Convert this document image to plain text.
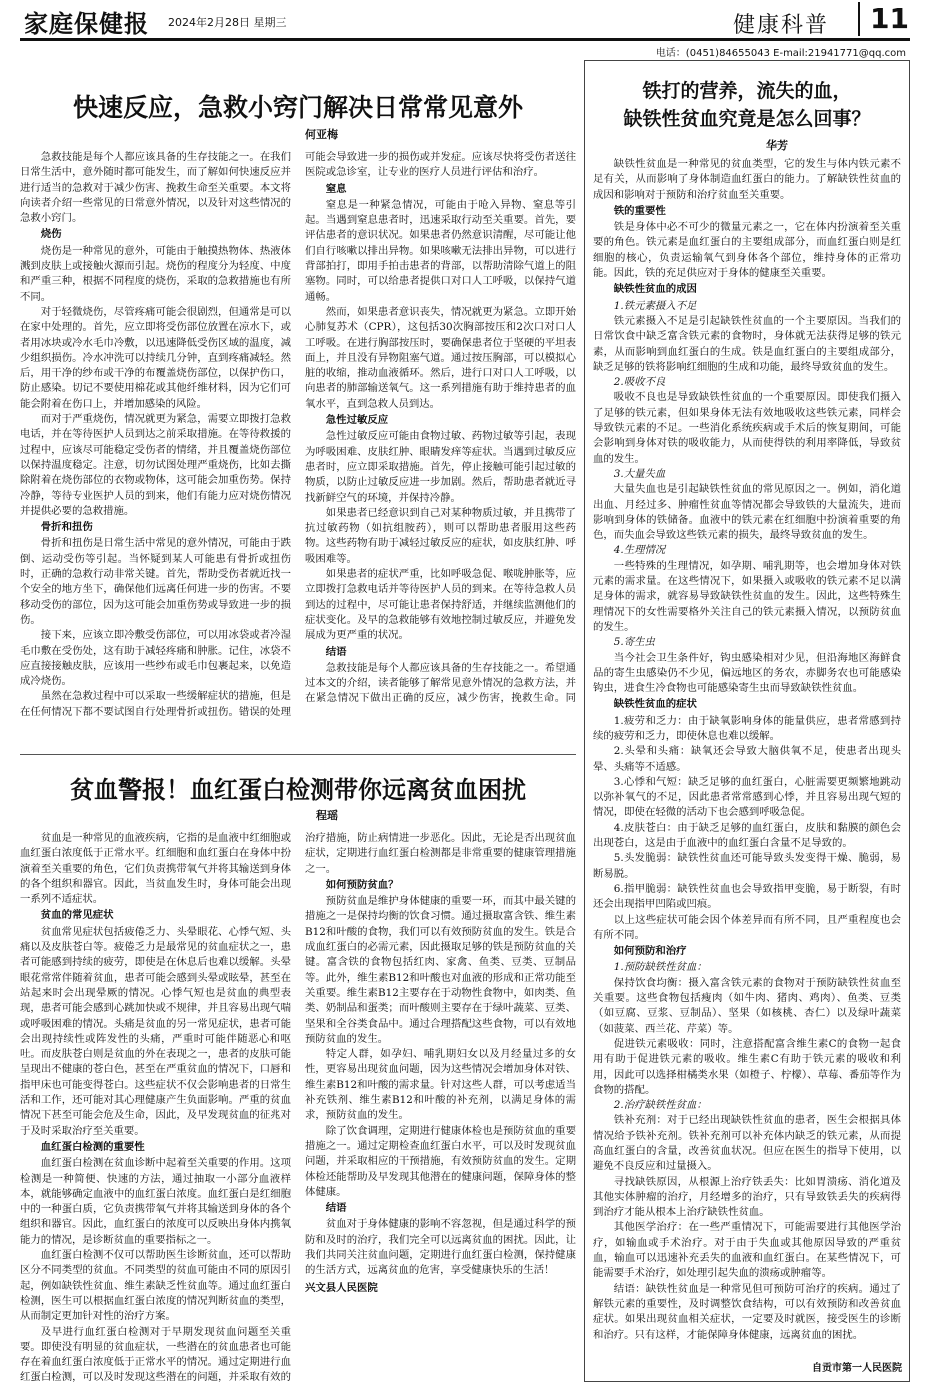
家庭保健报 2024年2月28日 星期三	健康科普	11
电话：(0451)84655043 E-mail:21941771@qq.com
快速反应，急救小窍门解决日常常见意外
何亚梅

急救技能是每个人都应该具备的生存技能之一。在我们日常生活中，意外随时都可能发生，而了解如何快速反应并进行适当的急救对于减少伤害、挽救生命至关重要。本文将向读者介绍一些常见的日常意外情况，以及针对这些情况的急救小窍门。

烧伤

烧伤是一种常见的意外，可能由于触摸热物体、热液体溅到皮肤上或接触火源而引起。烧伤的程度分为轻度、中度和严重三种，根据不同程度的烧伤，采取的急救措施也有所不同。

对于轻微烧伤，尽管疼痛可能会很剧烈，但通常是可以在家中处理的。首先，应立即将受伤部位放置在凉水下，或者用冰块或冷水毛巾冷敷，以迅速降低受伤区域的温度，减少组织损伤。冷水冲洗可以持续几分钟，直到疼痛减轻。然后，用干净的纱布或干净的布覆盖烧伤部位，以保护伤口，防止感染。切记不要使用棉花或其他纤维材料，因为它们可能会附着在伤口上，并增加感染的风险。

而对于严重烧伤，情况就更为紧急，需要立即拨打急救电话，并在等待医护人员到达之前采取措施。在等待救援的过程中，应该尽可能稳定受伤者的情绪，并且覆盖烧伤部位以保持温度稳定。注意，切勿试图处理严重烧伤，比如去撕除附着在烧伤部位的衣物或物体，这可能会加重伤势。保持冷静，等待专业医护人员的到来，他们有能力应对烧伤情况并提供必要的急救措施。

骨折和扭伤

骨折和扭伤是日常生活中常见的意外情况，可能由于跌倒、运动受伤等引起。当怀疑到某人可能患有骨折或扭伤时，正确的急救行动非常关键。首先，帮助受伤者就近找一个安全的地方坐下，确保他们远离任何进一步的伤害。不要移动受伤的部位，因为这可能会加重伤势或导致进一步的损伤。

接下来，应该立即冷敷受伤部位，可以用冰袋或者冷湿毛巾敷在受伤处，这有助于减轻疼痛和肿胀。记住，冰袋不应直接接触皮肤，应该用一些纱布或毛巾包裹起来，以免造成冷烧伤。

虽然在急救过程中可以采取一些缓解症状的措施，但是在任何情况下都不要试图自行处理骨折或扭伤。错误的处理可能会导致进一步的损伤或并发症。应该尽快将受伤者送往医院或急诊室，让专业的医疗人员进行评估和治疗。

窒息

窒息是一种紧急情况，可能由于呛入异物、窒息等引起。当遇到窒息患者时，迅速采取行动至关重要。首先，要评估患者的意识状况。如果患者仍然意识清醒，尽可能让他们自行咳嗽以排出异物。如果咳嗽无法排出异物，可以进行背部拍打，即用手拍击患者的背部，以帮助清除气道上的阻塞物。同时，可以给患者提供口对口人工呼吸，以保持气道通畅。

然而，如果患者意识丧失，情况就更为紧急。立即开始心肺复苏术（CPR），这包括30次胸部按压和2次口对口人工呼吸。在进行胸部按压时，要确保患者位于坚硬的平坦表面上，并且没有异物阻塞气道。通过按压胸部，可以模拟心脏的收缩，推动血液循环。然后，进行口对口人工呼吸，以向患者的肺部输送氧气。这一系列措施有助于维持患者的血氧水平，直到急救人员到达。

急性过敏反应

急性过敏反应可能由食物过敏、药物过敏等引起，表现为呼吸困难、皮肤红肿、眼睛发痒等症状。当遇到过敏反应患者时，应立即采取措施。首先，停止接触可能引起过敏的物质，以防止过敏反应进一步加剧。然后，帮助患者就近寻找新鲜空气的环境，并保持冷静。

如果患者已经意识到自己对某种物质过敏，并且携带了抗过敏药物（如抗组胺药），则可以帮助患者服用这些药物。这些药物有助于减轻过敏反应的症状，如皮肤红肿、呼吸困难等。

如果患者的症状严重，比如呼吸急促、喉咙肿胀等，应立即拨打急救电话并等待医护人员的到来。在等待急救人员到达的过程中，尽可能让患者保持舒适，并继续监测他们的症状变化。及早的急救能够有效地控制过敏反应，并避免发展成为更严重的状况。

结语

急救技能是每个人都应该具备的生存技能之一。希望通过本文的介绍，读者能够了解常见意外情况的急救方法，并在紧急情况下做出正确的反应，减少伤害，挽救生命。同

贫血警报！血红蛋白检测带你远离贫血困扰
程瑶

贫血是一种常见的血液疾病，它指的是血液中红细胞或血红蛋白浓度低于正常水平。红细胞和血红蛋白在身体中扮演着至关重要的角色，它们负责携带氧气并将其输送到身体的各个组织和器官。因此，当贫血发生时，身体可能会出现一系列不适症状。

贫血的常见症状

贫血常见症状包括疲倦乏力、头晕眼花、心悸气短、头痛以及皮肤苍白等。疲倦乏力是最常见的贫血症状之一，患者可能感到持续的疲劳，即使是在休息后也难以缓解。头晕眼花常常伴随着贫血，患者可能会感到头晕或眩晕，甚至在站起来时会出现晕厥的情况。心悸气短也是贫血的典型表现，患者可能会感到心跳加快或不规律，并且容易出现气喘或呼吸困难的情况。头痛是贫血的另一常见症状，患者可能会出现持续性或阵发性的头痛，严重时可能伴随恶心和呕吐。而皮肤苍白则是贫血的外在表现之一，患者的皮肤可能呈现出不健康的苍白色，甚至在严重贫血的情况下，口唇和指甲床也可能变得苍白。这些症状不仅会影响患者的日常生活和工作，还可能对其心理健康产生负面影响。严重的贫血情况下甚至可能会危及生命，因此，及早发现贫血的征兆对于及时采取治疗至关重要。

血红蛋白检测的重要性

血红蛋白检测在贫血诊断中起着至关重要的作用。这项检测是一种简便、快速的方法，通过抽取一小部分血液样本，就能够确定血液中的血红蛋白浓度。血红蛋白是红细胞中的一种蛋白质，它负责携带氧气并将其输送到身体的各个组织和器官。因此，血红蛋白的浓度可以反映出身体内携氧能力的情况，是诊断贫血的重要指标之一。

血红蛋白检测不仅可以帮助医生诊断贫血，还可以帮助区分不同类型的贫血。不同类型的贫血可能由不同的原因引起，例如缺铁性贫血、维生素缺乏性贫血等。通过血红蛋白检测，医生可以根据血红蛋白浓度的情况判断贫血的类型，从而制定更加针对性的治疗方案。

及早进行血红蛋白检测对于早期发现贫血问题至关重要。即使没有明显的贫血症状，一些潜在的贫血患者也可能存在着血红蛋白浓度低于正常水平的情况。通过定期进行血红蛋白检测，可以及时发现这些潜在的问题，并采取有效的治疗措施，防止病情进一步恶化。因此，无论是否出现贫血症状，定期进行血红蛋白检测都是非常重要的健康管理措施之一。

如何预防贫血？

预防贫血是维护身体健康的重要一环，而其中最关键的措施之一是保持均衡的饮食习惯。通过摄取富含铁、维生素B12和叶酸的食物，我们可以有效预防贫血的发生。铁是合成血红蛋白的必需元素，因此摄取足够的铁是预防贫血的关键。富含铁的食物包括红肉、家禽、鱼类、豆类、豆制品等。此外，维生素B12和叶酸也对血液的形成和正常功能至关重要。维生素B12主要存在于动物性食物中，如肉类、鱼类、奶制品和蛋类；而叶酸则主要存在于绿叶蔬菜、豆类、坚果和全谷类食品中。通过合理搭配这些食物，可以有效地预防贫血的发生。

特定人群，如孕妇、哺乳期妇女以及月经量过多的女性，更容易出现贫血问题，因为这些情况会增加身体对铁、维生素B12和叶酸的需求量。针对这些人群，可以考虑适当补充铁剂、维生素B12和叶酸的补充剂，以满足身体的需求，预防贫血的发生。

除了饮食调理，定期进行健康体检也是预防贫血的重要措施之一。通过定期检查血红蛋白水平，可以及时发现贫血问题，并采取相应的干预措施，有效预防贫血的发生。定期体检还能帮助及早发现其他潜在的健康问题，保障身体的整体健康。

结语

贫血对于身体健康的影响不容忽视，但是通过科学的预防和及时的治疗，我们完全可以远离贫血的困扰。因此，让我们共同关注贫血问题，定期进行血红蛋白检测，保持健康的生活方式，远离贫血的危害，享受健康快乐的生活！

兴文县人民医院

铁打的营养，流失的血，
缺铁性贫血究竟是怎么回事？
华芳

缺铁性贫血是一种常见的贫血类型，它的发生与体内铁元素不足有关，从而影响了身体制造血红蛋白的能力。了解缺铁性贫血的成因和影响对于预防和治疗贫血至关重要。

铁的重要性

铁是身体中必不可少的微量元素之一，它在体内扮演着至关重要的角色。铁元素是血红蛋白的主要组成部分，而血红蛋白则是红细胞的核心，负责运输氧气到身体各个部位，维持身体的正常功能。因此，铁的充足供应对于身体的健康至关重要。

缺铁性贫血的成因

1.铁元素摄入不足

铁元素摄入不足是引起缺铁性贫血的一个主要原因。当我们的日常饮食中缺乏富含铁元素的食物时，身体就无法获得足够的铁元素，从而影响到血红蛋白的生成。铁是血红蛋白的主要组成部分，缺乏足够的铁将影响红细胞的生成和功能，最终导致贫血的发生。

2.吸收不良

吸收不良也是导致缺铁性贫血的一个重要原因。即使我们摄入了足够的铁元素，但如果身体无法有效地吸收这些铁元素，同样会导致铁元素的不足。一些消化系统疾病或手术后的恢复期间，可能会影响到身体对铁的吸收能力，从而使得铁的利用率降低，导致贫血的发生。

3.大量失血

大量失血也是引起缺铁性贫血的常见原因之一。例如，消化道出血、月经过多、肿瘤性贫血等情况都会导致铁的大量流失，进而影响到身体的铁储备。血液中的铁元素在红细胞中扮演着重要的角色，而失血会导致这些铁元素的损失，最终导致贫血的发生。

4.生理情况

一些特殊的生理情况，如孕期、哺乳期等，也会增加身体对铁元素的需求量。在这些情况下，如果摄入或吸收的铁元素不足以满足身体的需求，就容易导致缺铁性贫血的发生。因此，这些特殊生理情况下的女性需要格外关注自己的铁元素摄入情况，以预防贫血的发生。

5.寄生虫

当今社会卫生条件好，钩虫感染相对少见，但沿海地区海鲜食品的寄生虫感染仍不少见，偏远地区的务农，赤脚务农也可能感染钩虫，进食生冷食物也可能感染寄生虫而导致缺铁性贫血。

缺铁性贫血的症状

1.疲劳和乏力：由于缺氧影响身体的能量供应，患者常感到持续的疲劳和乏力，即使休息也难以缓解。

2.头晕和头痛：缺氧还会导致大脑供氧不足，使患者出现头晕、头痛等不适感。

3.心悸和气短：缺乏足够的血红蛋白，心脏需要更频繁地跳动以弥补氧气的不足，因此患者常常感到心悸，并且容易出现气短的情况，即使在轻微的活动下也会感到呼吸急促。

4.皮肤苍白：由于缺乏足够的血红蛋白，皮肤和黏膜的颜色会出现苍白，这是由于血液中的血红蛋白含量不足导致的。

5.头发脆弱：缺铁性贫血还可能导致头发变得干燥、脆弱，易断易脱。

6.指甲脆弱：缺铁性贫血也会导致指甲变脆，易于断裂，有时还会出现指甲凹陷或凹痕。

以上这些症状可能会因个体差异而有所不同，且严重程度也会有所不同。

如何预防和治疗

1.预防缺铁性贫血：

保持饮食均衡：摄入富含铁元素的食物对于预防缺铁性贫血至关重要。这些食物包括瘦肉（如牛肉、猪肉、鸡肉）、鱼类、豆类（如豆腐、豆浆、豆制品）、坚果（如核桃、杏仁）以及绿叶蔬菜（如菠菜、西兰花、芹菜）等。

促进铁元素吸收：同时，注意搭配富含维生素C的食物一起食用有助于促进铁元素的吸收。维生素C有助于铁元素的吸收和利用，因此可以选择柑橘类水果（如橙子、柠檬）、草莓、番茄等作为食物的搭配。

2.治疗缺铁性贫血：

铁补充剂：对于已经出现缺铁性贫血的患者，医生会根据具体情况给予铁补充剂。铁补充剂可以补充体内缺乏的铁元素，从而提高血红蛋白的含量，改善贫血状况。但应在医生的指导下使用，以避免不良反应和过量摄入。

寻找缺铁原因，从根源上治疗铁丢失：比如胃溃疡、消化道及其他实体肿瘤的治疗，月经增多的治疗，只有导致铁丢失的疾病得到治疗才能从根本上治疗缺铁性贫血。

其他医学治疗：在一些严重情况下，可能需要进行其他医学治疗，如输血或手术治疗。对于由于失血或其他原因导致的严重贫血，输血可以迅速补充丢失的血液和血红蛋白。在某些情况下，可能需要手术治疗，如处理引起失血的溃疡或肿瘤等。

结语：缺铁性贫血是一种常见但可预防可治疗的疾病。通过了解铁元素的重要性，及时调整饮食结构，可以有效预防和改善贫血症状。如果出现贫血相关症状，一定要及时就医，接受医生的诊断和治疗。只有这样，才能保障身体健康，远离贫血的困扰。

自贡市第一人民医院
